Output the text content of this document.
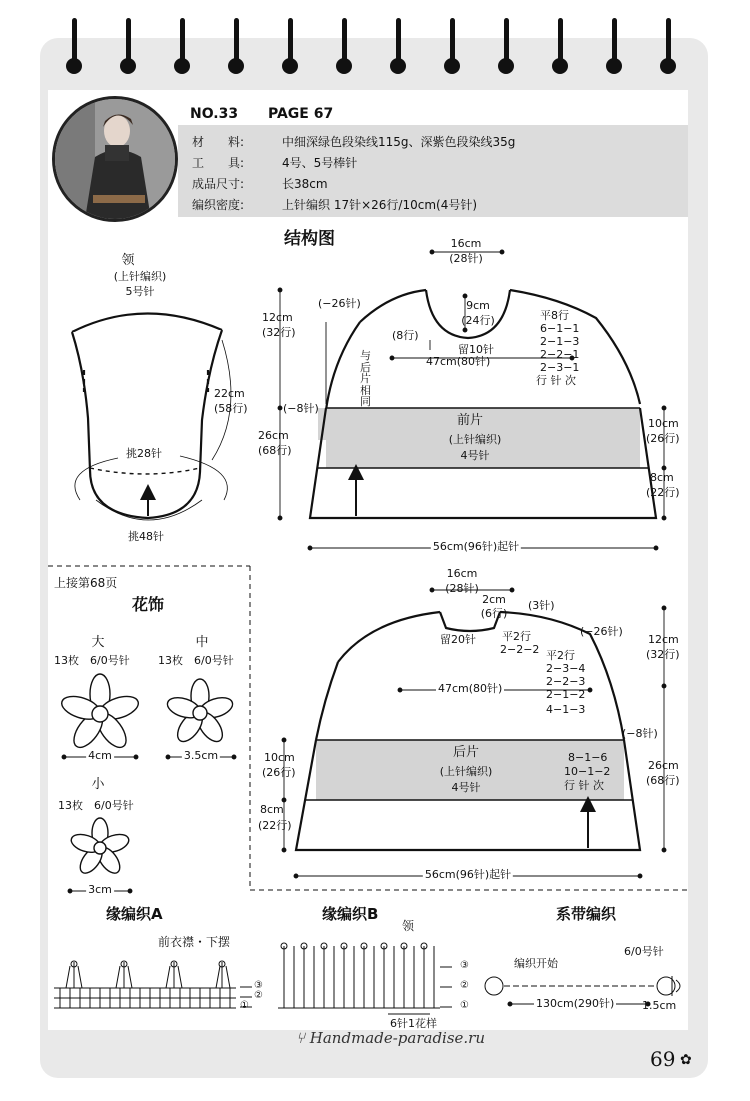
NO.33 PAGE 67
材　　料:	中细深绿色段染线115g、深紫色段染线35g
工　　具:	4号、5号棒针
成品尺寸:	长38cm
编织密度:	上针编织 17针×26行/10cm(4号针)
结构图
领
(上针编织)
5号针
22cm
(58行)
挑28针
挑48针
16cm
(28针)
9cm
(24行)
12cm
(32行)
(−26针)
(8行)
(−8针)
留10针
47cm(80针)
与后片相同
平8行
6−1−1
2−1−3
2−2−1
2−3−1
行 针 次
前片
(上针编织)
4号针
26cm
(68行)
10cm
(26行)
8cm
(22行)
56cm(96针)起针
上接第68页
花饰
大
13枚　6/0号针
4cm
中
13枚　6/0号针
3.5cm
小
13枚　6/0号针
3cm
16cm
(28针)
2cm
(6行)
(3针)
(−26针)
留20针 平2行
2−2−2
12cm
(32行)
平2行
2−3−4
2−2−3
2−1−2
4−1−3
47cm(80针)
(−8针)
后片
(上针编织)
4号针
8−1−6
10−1−2
行 针 次
26cm
(68行)
10cm
(26行)
8cm
(22行)
56cm(96针)起针
缘编织A
前衣襟・下摆
③
②
①
缘编织B
领
③
②
①
6针1花样
系带编织
编织开始
6/0号针
130cm(290针)	1.5cm
⑂ Handmade-paradise.ru
69 ✿
